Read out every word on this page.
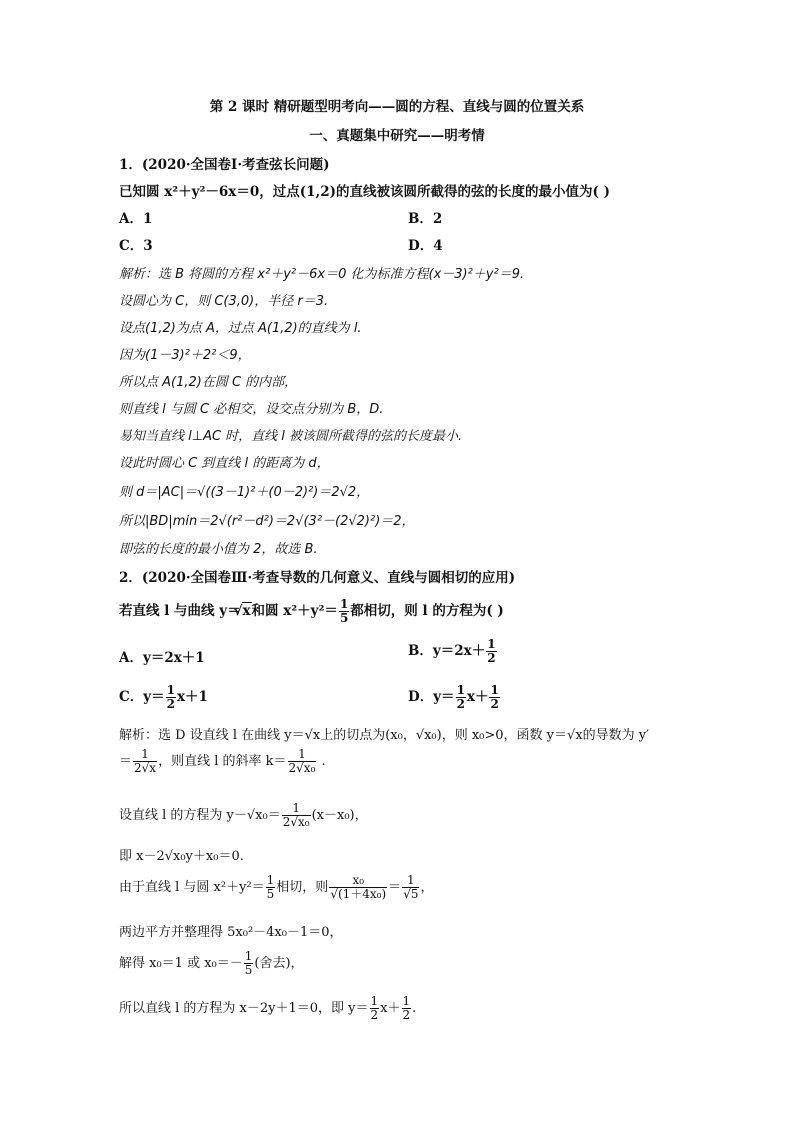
第 2 课时 精研题型明考向——圆的方程、直线与圆的位置关系
一、真题集中研究——明考情
1．(2020·全国卷Ⅰ·考查弦长问题)
已知圆 x²＋y²－6x＝0，过点(1,2)的直线被该圆所截得的弦的长度的最小值为( )
A．1	B．2
C．3	D．4
解析：选 B 将圆的方程 x²＋y²－6x＝0 化为标准方程(x－3)²＋y²＝9.
设圆心为 C，则 C(3,0)，半径 r＝3.
设点(1,2)为点 A，过点 A(1,2)的直线为 l.
因为(1－3)²＋2²＜9，
所以点 A(1,2)在圆 C 的内部，
则直线 l 与圆 C 必相交，设交点分别为 B，D.
易知当直线 l⊥AC 时，直线 l 被该圆所截得的弦的长度最小.
设此时圆心 C 到直线 l 的距离为 d，
则 d＝|AC|＝√((3－1)²＋(0－2)²)＝2√2，
所以|BD|min＝2√(r²－d²)＝2√(3²－(2√2)²)＝2，
即弦的长度的最小值为 2，故选 B.
2．(2020·全国卷Ⅲ·考查导数的几何意义、直线与圆相切的应用)
若直线 l 与曲线 y＝√ x和圆 $x^2+y^2= \frac{1}{5}$ 都相切，则 l 的方程为( )
A．y＝2x＋1	B．$y=2x+ \frac{1}{2}$
C．$y= \frac{1}{2} x+1$	D．$y= \frac{1}{2} x+ \frac{1}{2}$
解析：选 D 设直线 l 在曲线 y＝√x上的切点为(x₀，√x₀)，则 x₀>0，函数 y＝√x的导数为 y′
＝ $\frac{1}{2√x}$ ，则直线 l 的斜率 $k= \frac{1}{\text{2√x₀}}$ .
设直线 l 的方程为 $y-√x_0= \frac{1}{\text{2√x₀}} (x-x_0)$，
即 x－2√x₀y＋x₀＝0.
由于直线 l 与圆 $x^2+y^2= \frac{1}{5}$ 相切，则 $\frac{\text{x₀}}{\text{√(1＋4x₀)}} = \frac{1}{√5}$ ，
两边平方并整理得 5x₀²－4x₀－1＝0，
解得 x₀＝1 或 $x_0=- \frac{1}{5}$ (舍去)，
所以直线 l 的方程为 x－2y＋1＝0，即 $y= \frac{1}{2} x+ \frac{1}{2}$ .
